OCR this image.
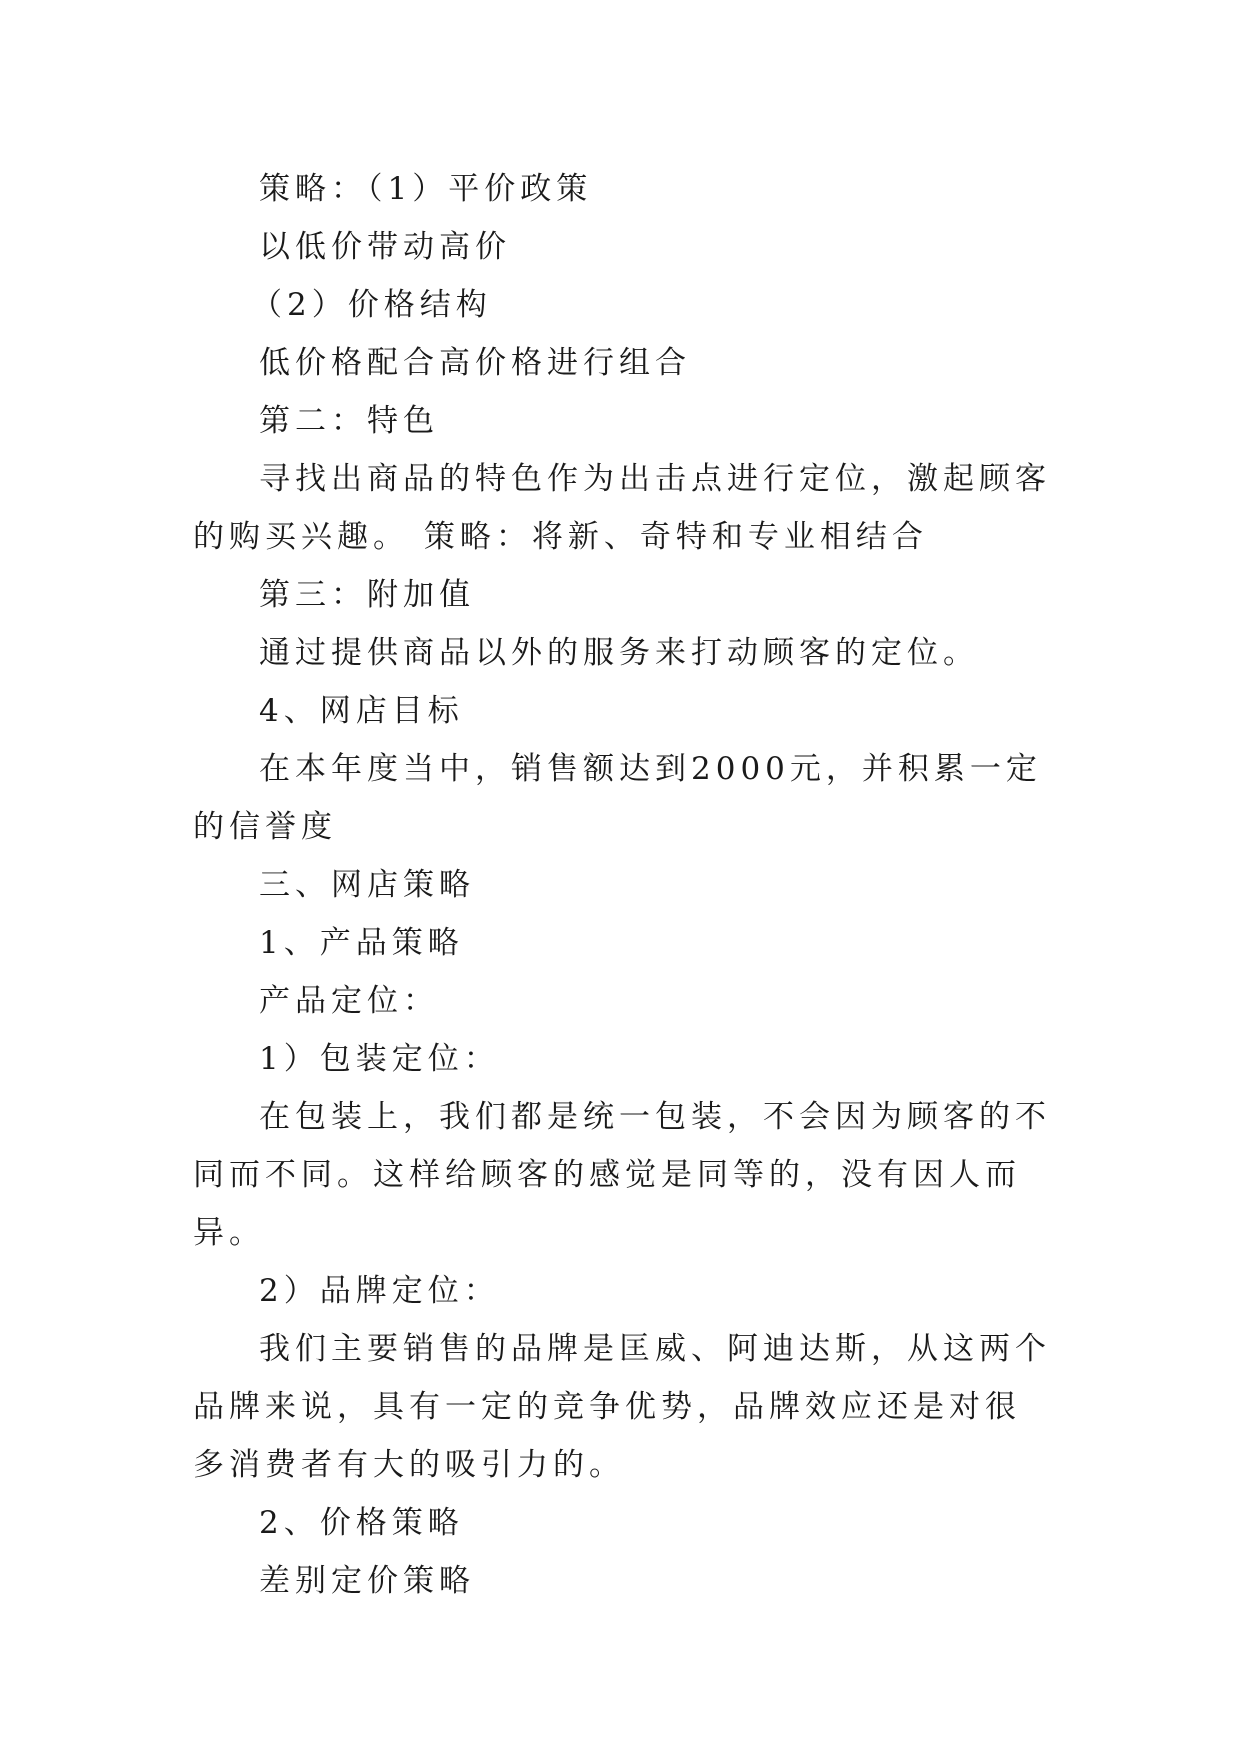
策略：（1）平价政策

以低价带动高价

（2）价格结构

低价格配合高价格进行组合

第二：特色

寻找出商品的特色作为出击点进行定位，激起顾客的购买兴趣。 策略：将新、奇特和专业相结合

第三：附加值

通过提供商品以外的服务来打动顾客的定位。

4、网店目标

在本年度当中，销售额达到2000元，并积累一定的信誉度

三、网店策略

1、产品策略

产品定位：

1）包装定位：

在包装上，我们都是统一包装，不会因为顾客的不同而不同。这样给顾客的感觉是同等的，没有因人而异。

2）品牌定位：

我们主要销售的品牌是匡威、阿迪达斯，从这两个品牌来说，具有一定的竞争优势，品牌效应还是对很多消费者有大的吸引力的。

2、价格策略

差别定价策略
